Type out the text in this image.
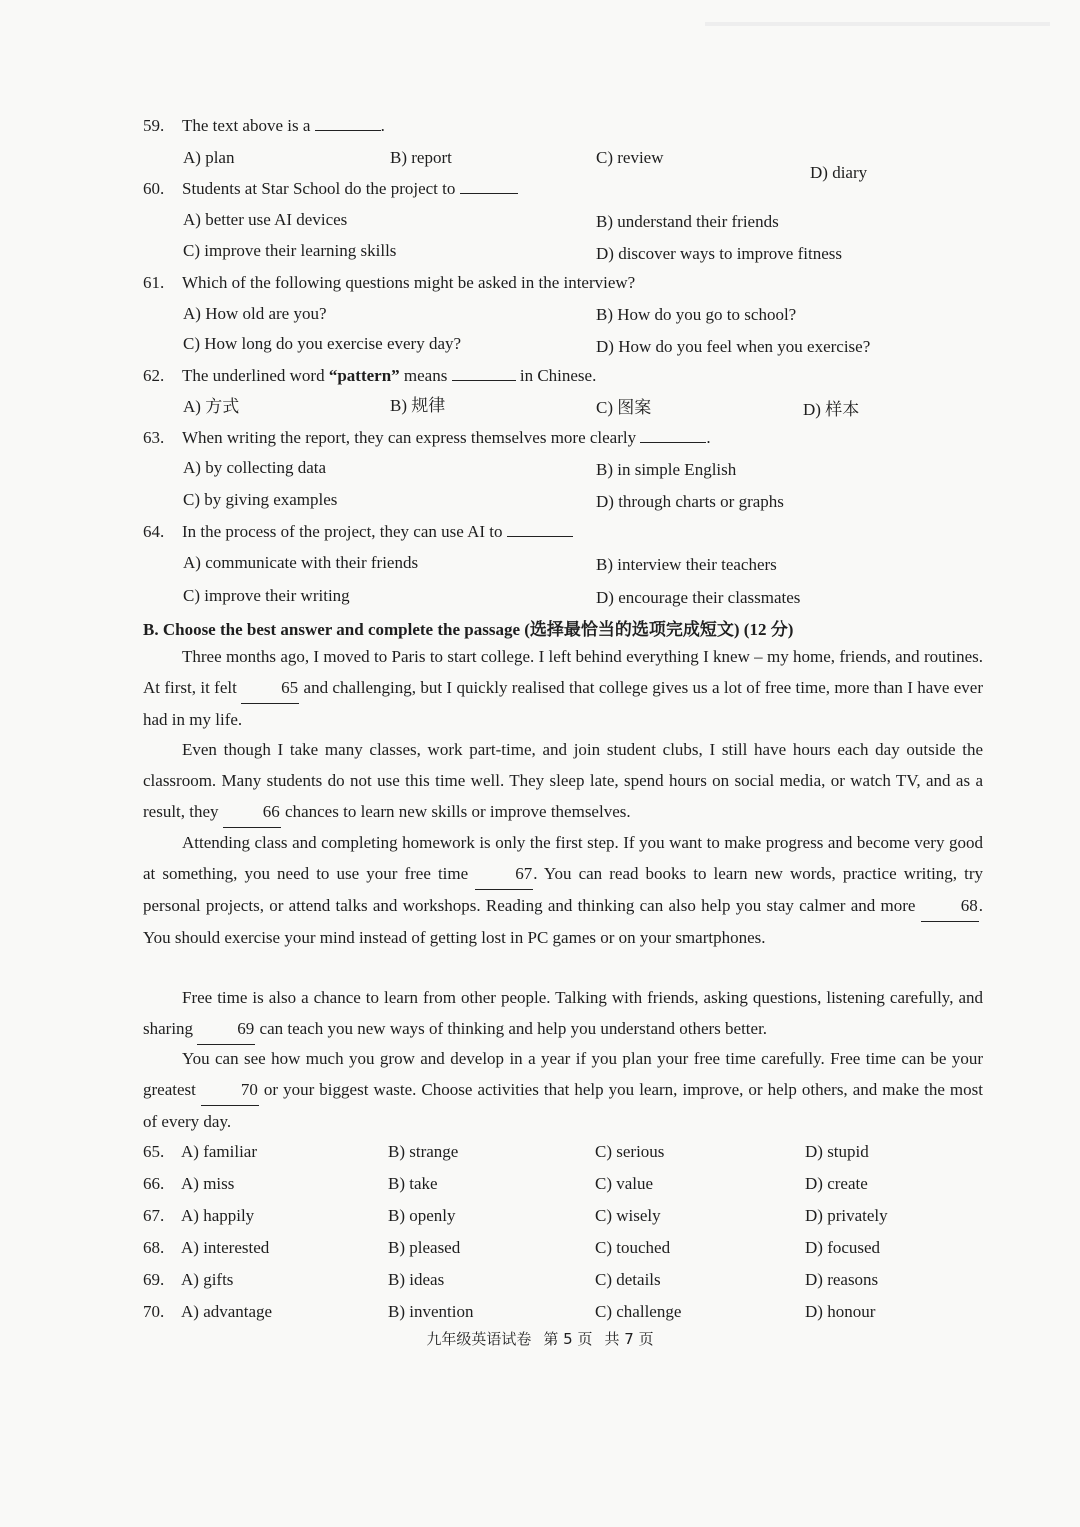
59. The text above is a	.
A) plan	B) report	C) review
D) diary
60. Students at Star School do the project to
A) better use AI devices	B) understand their friends
C) improve their learning skills	D) discover ways to improve fitness
61. Which of the following questions might be asked in the interview?
A) How old are you?	B) How do you go to school?
C) How long do you exercise every day?	D) How do you feel when you exercise?
62. The underlined word “pattern” means	in Chinese.
A) 方式	B) 规律	C) 图案	D) 样本
63. When writing the report, they can express themselves more clearly	.
A) by collecting data	B) in simple English
C) by giving examples	D) through charts or graphs
64. In the process of the project, they can use AI to
A) communicate with their friends	B) interview their teachers
C) improve their writing	D) encourage their classmates
B. Choose the best answer and complete the passage (选择最恰当的选项完成短文) (12 分)
Three months ago, I moved to Paris to start college. I left behind everything I knew – my home, friends, and routines. At first, it felt	65 and challenging, but I quickly realised that college gives us a lot of free time, more than I have ever had in my life.
Even though I take many classes, work part-time, and join student clubs, I still have hours each day outside the classroom. Many students do not use this time well. They sleep late, spend hours on social media, or watch TV, and as a result, they	66 chances to learn new skills or improve themselves.
Attending class and completing homework is only the first step. If you want to make progress and become very good at something, you need to use your free time	67. You can read books to learn new words, practice writing, try personal projects, or attend talks and workshops. Reading and thinking can also help you stay calmer and more	68. You should exercise your mind instead of getting lost in PC games or on your smartphones.
Free time is also a chance to learn from other people. Talking with friends, asking questions, listening carefully, and sharing	69 can teach you new ways of thinking and help you understand others better.
You can see how much you grow and develop in a year if you plan your free time carefully. Free time can be your greatest	70 or your biggest waste. Choose activities that help you learn, improve, or help others, and make the most of every day.
65. A) familiar	B) strange	C) serious	D) stupid
66. A) miss	B) take	C) value	D) create
67. A) happily	B) openly	C) wisely	D) privately
68. A) interested	B) pleased	C) touched	D) focused
69. A) gifts	B) ideas	C) details	D) reasons
70. A) advantage	B) invention	C) challenge	D) honour
九年级英语试卷 第 5 页 共 7 页
